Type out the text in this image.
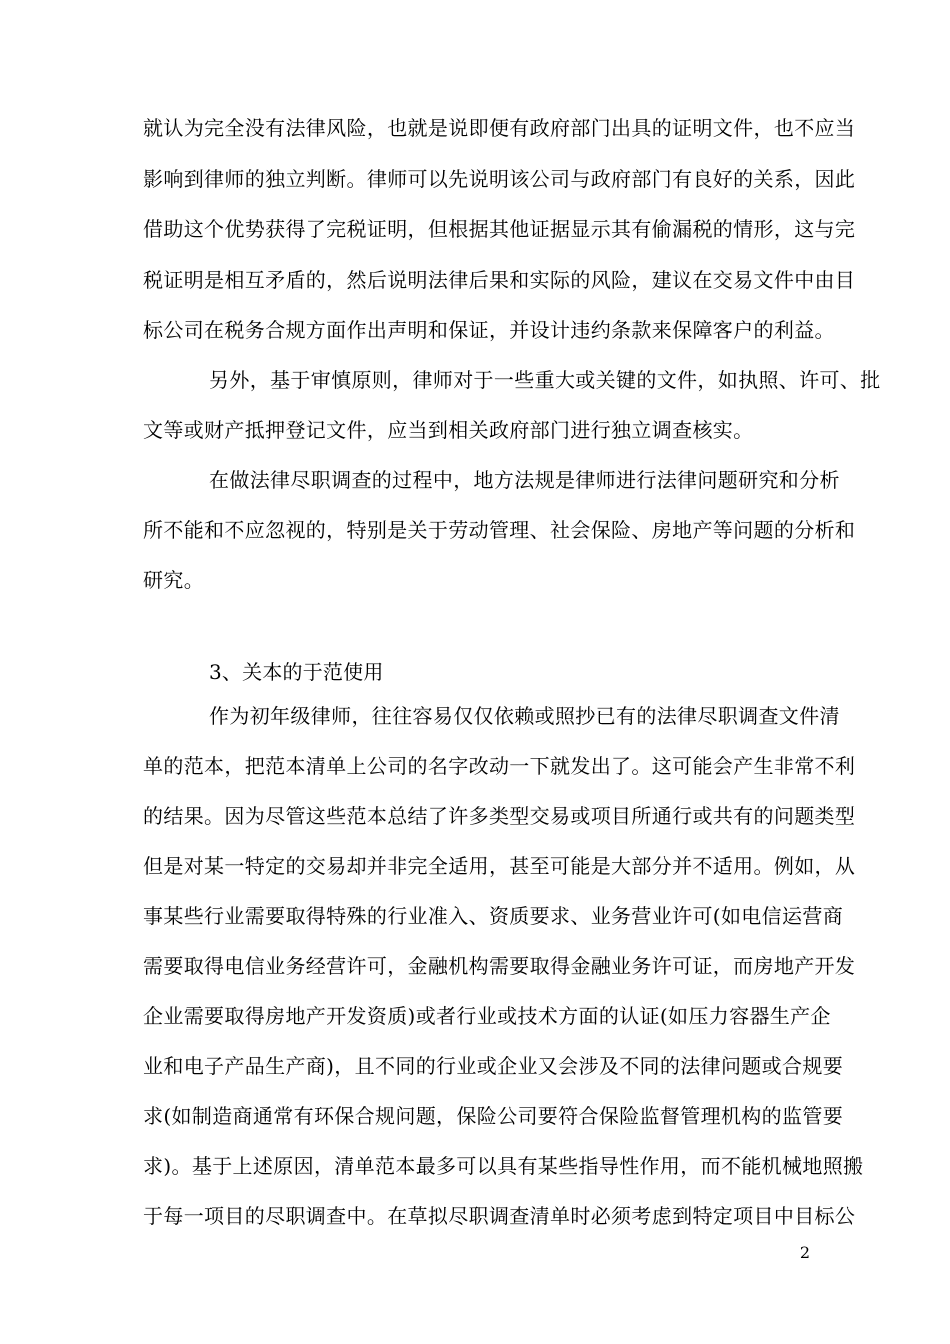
就认为完全没有法律风险，也就是说即便有政府部门出具的证明文件，也不应当
影响到律师的独立判断。律师可以先说明该公司与政府部门有良好的关系，因此
借助这个优势获得了完税证明，但根据其他证据显示其有偷漏税的情形，这与完
税证明是相互矛盾的，然后说明法律后果和实际的风险，建议在交易文件中由目
标公司在税务合规方面作出声明和保证，并设计违约条款来保障客户的利益。
另外，基于审慎原则，律师对于一些重大或关键的文件，如执照、许可、批
文等或财产抵押登记文件，应当到相关政府部门进行独立调查核实。
在做法律尽职调查的过程中，地方法规是律师进行法律问题研究和分析
所不能和不应忽视的，特别是关于劳动管理、社会保险、房地产等问题的分析和
研究。
3、关本的于范使用
作为初年级律师，往往容易仅仅依赖或照抄已有的法律尽职调查文件清
单的范本，把范本清单上公司的名字改动一下就发出了。这可能会产生非常不利
的结果。因为尽管这些范本总结了许多类型交易或项目所通行或共有的问题类型
但是对某一特定的交易却并非完全适用，甚至可能是大部分并不适用。例如，从
事某些行业需要取得特殊的行业准入、资质要求、业务营业许可(如电信运营商
需要取得电信业务经营许可，金融机构需要取得金融业务许可证，而房地产开发
企业需要取得房地产开发资质)或者行业或技术方面的认证(如压力容器生产企
业和电子产品生产商)，且不同的行业或企业又会涉及不同的法律问题或合规要
求(如制造商通常有环保合规问题，保险公司要符合保险监督管理机构的监管要
求)。基于上述原因，清单范本最多可以具有某些指导性作用，而不能机械地照搬
于每一项目的尽职调查中。在草拟尽职调查清单时必须考虑到特定项目中目标公
2
